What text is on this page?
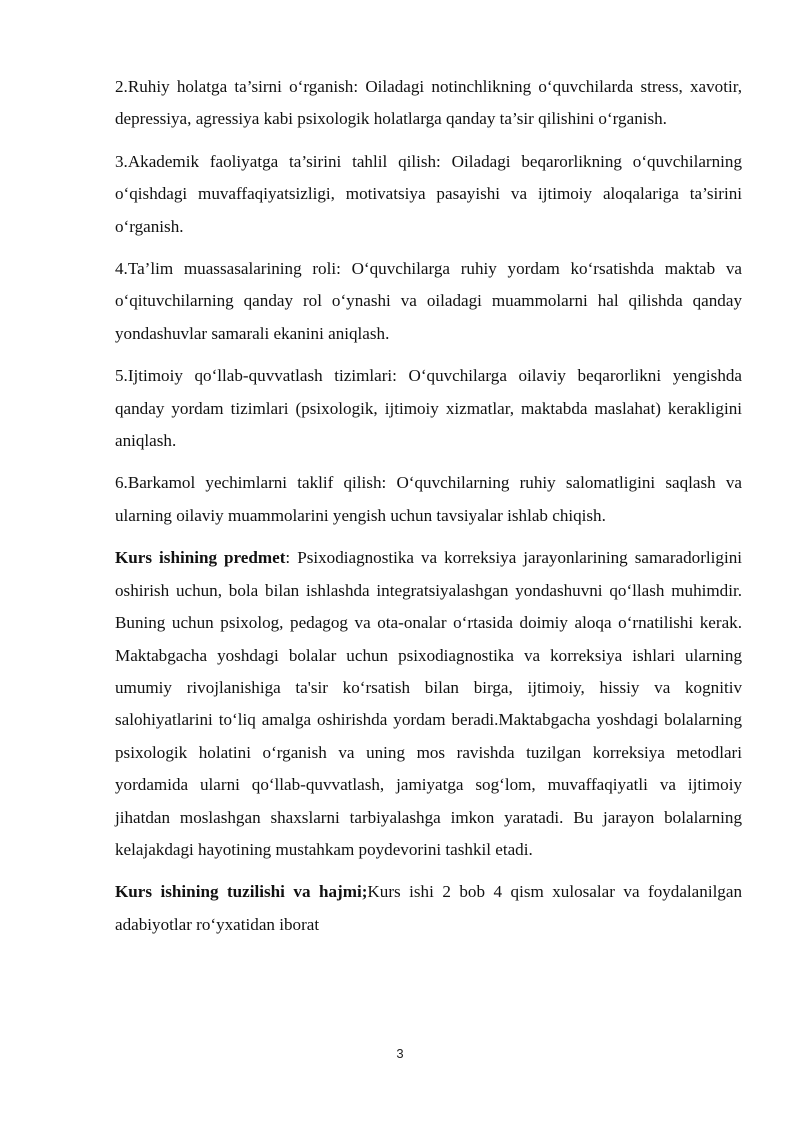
2.Ruhiy holatga ta’sirni o‘rganish: Oiladagi notinchlikning o‘quvchilarda stress, xavotir, depressiya, agressiya kabi psixologik holatlarga qanday ta’sir qilishini o‘rganish.

3.Akademik faoliyatga ta’sirini tahlil qilish: Oiladagi beqarorlikning o‘quvchilarning o‘qishdagi muvaffaqiyatsizligi, motivatsiya pasayishi va ijtimoiy aloqalariga ta’sirini o‘rganish.

4.Ta’lim muassasalarining roli: O‘quvchilarga ruhiy yordam ko‘rsatishda maktab va o‘qituvchilarning qanday rol o‘ynashi va oiladagi muammolarni hal qilishda qanday yondashuvlar samarali ekanini aniqlash.

5.Ijtimoiy qo‘llab-quvvatlash tizimlari: O‘quvchilarga oilaviy beqarorlikni yengishda qanday yordam tizimlari (psixologik, ijtimoiy xizmatlar, maktabda maslahat) kerakligini aniqlash.

6.Barkamol yechimlarni taklif qilish: O‘quvchilarning ruhiy salomatligini saqlash va ularning oilaviy muammolarini yengish uchun tavsiyalar ishlab chiqish.

Kurs ishining predmet: Psixodiagnostika va korreksiya jarayonlarining samaradorligini oshirish uchun, bola bilan ishlashda integratsiyalashgan yondashuvni qo‘llash muhimdir. Buning uchun psixolog, pedagog va ota-onalar o‘rtasida doimiy aloqa o‘rnatilishi kerak. Maktabgacha yoshdagi bolalar uchun psixodiagnostika va korreksiya ishlari ularning umumiy rivojlanishiga ta'sir ko‘rsatish bilan birga, ijtimoiy, hissiy va kognitiv salohiyatlarini to‘liq amalga oshirishda yordam beradi.Maktabgacha yoshdagi bolalarning psixologik holatini o‘rganish va uning mos ravishda tuzilgan korreksiya metodlari yordamida ularni qo‘llab-quvvatlash, jamiyatga sog‘lom, muvaffaqiyatli va ijtimoiy jihatdan moslashgan shaxslarni tarbiyalashga imkon yaratadi. Bu jarayon bolalarning kelajakdagi hayotining mustahkam poydevorini tashkil etadi.

Kurs ishining tuzilishi va hajmi;Kurs ishi 2 bob 4 qism xulosalar va foydalanilgan adabiyotlar ro‘yxatidan iborat

3
